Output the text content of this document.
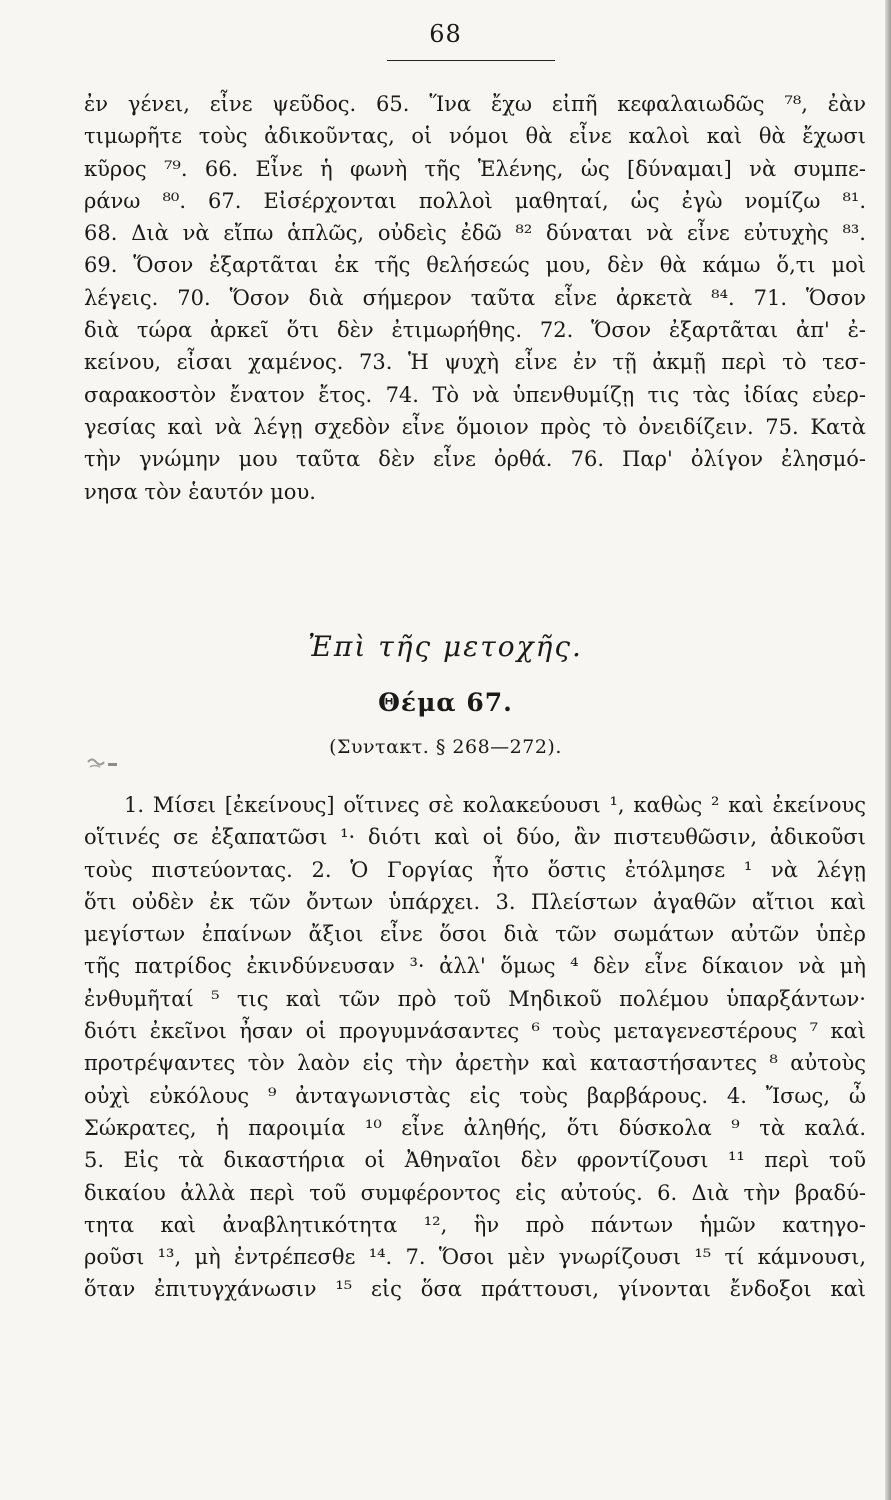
68
ἐν γένει, εἶνε ψεῦδος. 65. Ἵνα ἔχω εἰπῆ κεφαλαιωδῶς ⁷⁸, ἐὰν
τιμωρῆτε τοὺς ἀδικοῦντας, οἱ νόμοι θὰ εἶνε καλοὶ καὶ θὰ ἔχωσι
κῦρος ⁷⁹. 66. Εἶνε ἡ φωνὴ τῆς Ἑλένης, ὡς [δύναμαι] νὰ συμπε-
ράνω ⁸⁰. 67. Εἰσέρχονται πολλοὶ μαθηταί, ὡς ἐγὼ νομίζω ⁸¹.
68. Διὰ νὰ εἴπω ἁπλῶς, οὐδεὶς ἐδῶ ⁸² δύναται νὰ εἶνε εὐτυχὴς ⁸³.
69. Ὅσον ἐξαρτᾶται ἐκ τῆς θελήσεώς μου, δὲν θὰ κάμω ὅ,τι μοὶ
λέγεις. 70. Ὅσον διὰ σήμερον ταῦτα εἶνε ἀρκετὰ ⁸⁴. 71. Ὅσον
διὰ τώρα ἀρκεῖ ὅτι δὲν ἐτιμωρήθης. 72. Ὅσον ἐξαρτᾶται ἀπ' ἐ-
κείνου, εἶσαι χαμένος. 73. Ἡ ψυχὴ εἶνε ἐν τῇ ἀκμῇ περὶ τὸ τεσ-
σαρακοστὸν ἔνατον ἔτος. 74. Τὸ νὰ ὑπενθυμίζῃ τις τὰς ἰδίας εὐερ-
γεσίας καὶ νὰ λέγῃ σχεδὸν εἶνε ὅμοιον πρὸς τὸ ὀνειδίζειν. 75. Κατὰ
τὴν γνώμην μου ταῦτα δὲν εἶνε ὀρθά. 76. Παρ' ὀλίγον ἐλησμό-
νησα τὸν ἑαυτόν μου.
Ἐπὶ τῆς μετοχῆς.
Θέμα 67.
(Συντακτ. § 268—272).
1. Μίσει [ἐκείνους] οἵτινες σὲ κολακεύουσι ¹, καθὼς ² καὶ ἐκείνους
οἵτινές σε ἐξαπατῶσι ¹· διότι καὶ οἱ δύο, ἂν πιστευθῶσιν, ἀδικοῦσι
τοὺς πιστεύοντας. 2. Ὁ Γοργίας ἦτο ὅστις ἐτόλμησε ¹ νὰ λέγῃ
ὅτι οὐδὲν ἐκ τῶν ὄντων ὑπάρχει. 3. Πλείστων ἀγαθῶν αἴτιοι καὶ
μεγίστων ἐπαίνων ἄξιοι εἶνε ὅσοι διὰ τῶν σωμάτων αὐτῶν ὑπὲρ
τῆς πατρίδος ἐκινδύνευσαν ³· ἀλλ' ὅμως ⁴ δὲν εἶνε δίκαιον νὰ μὴ
ἐνθυμῆταί ⁵ τις καὶ τῶν πρὸ τοῦ Μηδικοῦ πολέμου ὑπαρξάντων·
διότι ἐκεῖνοι ἦσαν οἱ προγυμνάσαντες ⁶ τοὺς μεταγενεστέρους ⁷ καὶ
προτρέψαντες τὸν λαὸν εἰς τὴν ἀρετὴν καὶ καταστήσαντες ⁸ αὐτοὺς
οὐχὶ εὐκόλους ⁹ ἀνταγωνιστὰς εἰς τοὺς βαρβάρους. 4. Ἴσως, ὦ
Σώκρατες, ἡ παροιμία ¹⁰ εἶνε ἀληθής, ὅτι δύσκολα ⁹ τὰ καλά.
5. Εἰς τὰ δικαστήρια οἱ Ἀθηναῖοι δὲν φροντίζουσι ¹¹ περὶ τοῦ
δικαίου ἀλλὰ περὶ τοῦ συμφέροντος εἰς αὐτούς. 6. Διὰ τὴν βραδύ-
τητα καὶ ἀναβλητικότητα ¹², ἣν πρὸ πάντων ἡμῶν κατηγο-
ροῦσι ¹³, μὴ ἐντρέπεσθε ¹⁴. 7. Ὅσοι μὲν γνωρίζουσι ¹⁵ τί κάμνουσι,
ὅταν ἐπιτυγχάνωσιν ¹⁵ εἰς ὅσα πράττουσι, γίνονται ἔνδοξοι καὶ
